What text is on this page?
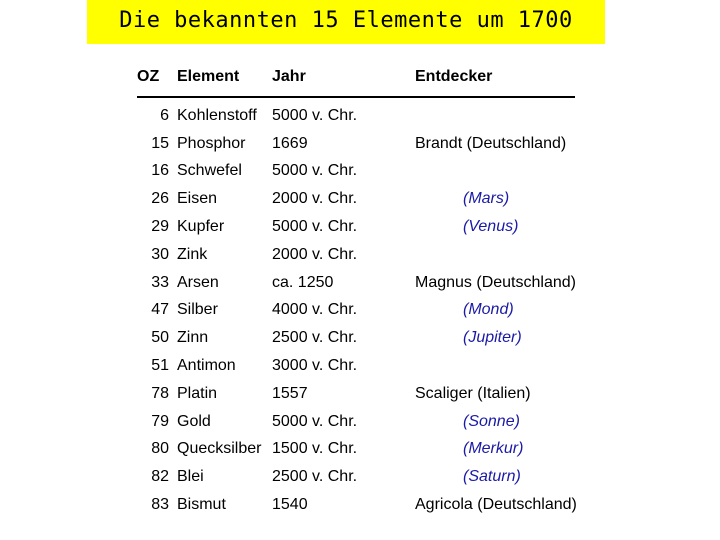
Die bekannten 15 Elemente um 1700
OZ	Element	Jahr	Entdecker
6 Kohlenstoff 5000 v. Chr.
15 Phosphor	1669	Brandt (Deutschland)
16 Schwefel	5000 v. Chr.
26 Eisen	2000 v. Chr.	(Mars)
29 Kupfer	5000 v. Chr.	(Venus)
30 Zink	2000 v. Chr.
33 Arsen	ca. 1250	Magnus (Deutschland)
47 Silber	4000 v. Chr.	(Mond)
50 Zinn	2500 v. Chr.	(Jupiter)
51 Antimon	3000 v. Chr.
78 Platin	1557	Scaliger (Italien)
79 Gold	5000 v. Chr.	(Sonne)
80 Quecksilber 1500 v. Chr.	(Merkur)
82 Blei	2500 v. Chr.	(Saturn)
83 Bismut	1540	Agricola (Deutschland)
